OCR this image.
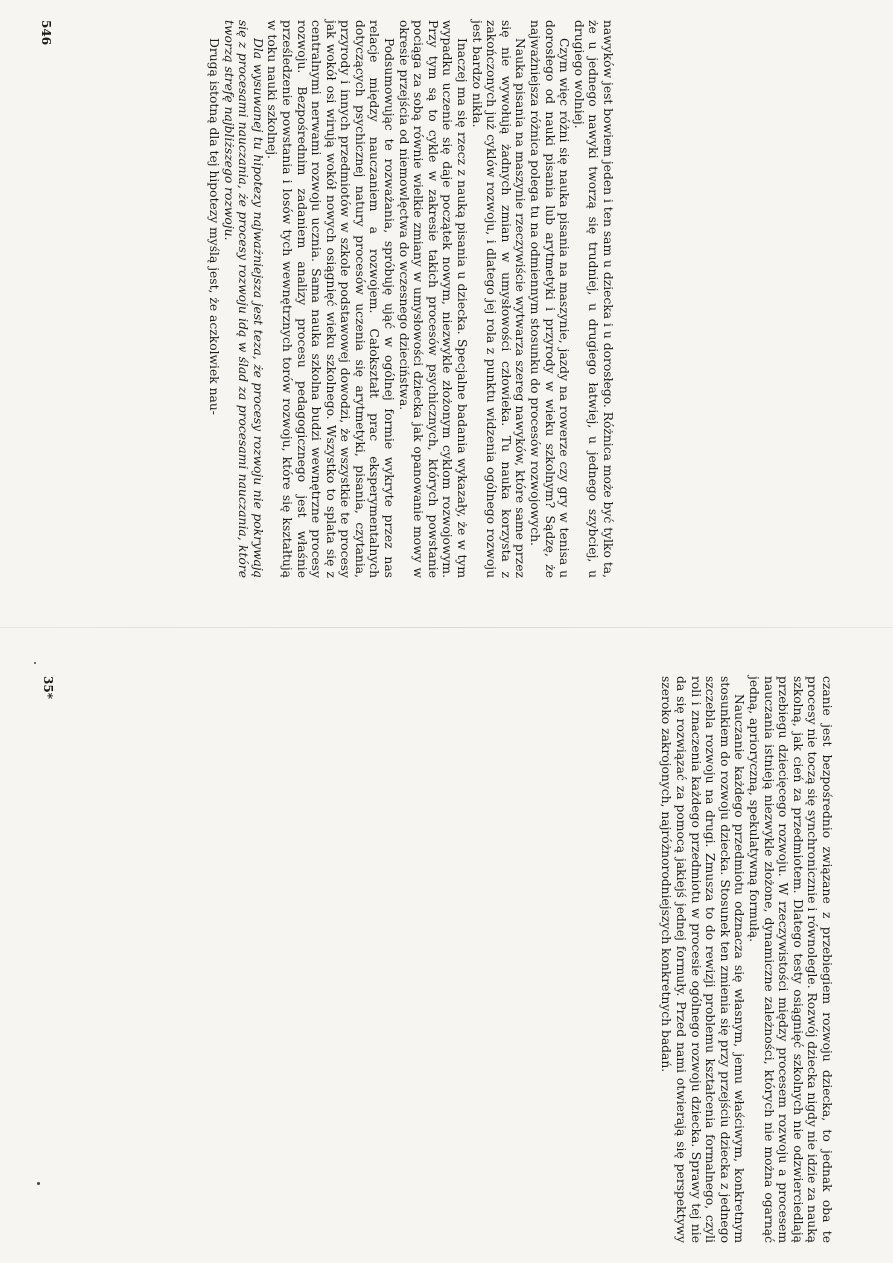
nawyków jest bowiem jeden i ten sam u dziecka i u dorosłego. Różnica może być tylko ta, że u jednego nawyki tworzą się trudniej, u drugiego łatwiej, u jednego szybciej, u drugiego wolniej.

Czym więc różni się nauka pisania na maszynie, jazdy na rowerze czy gry w tenisa u dorosłego od nauki pisania lub arytmetyki i przyrody w wieku szkolnym? Sądzę, że najważniejsza różnica polega tu na odmiennym stosunku do procesów rozwojowych.

Nauka pisania na maszynie rzeczywiście wytwarza szereg nawyków, które same przez się nie wywołują żadnych zmian w umysłowości człowieka. Tu nauka korzysta z zakończonych już cyklów rozwoju, i dlatego jej rola z punktu widzenia ogólnego rozwoju jest bardzo nikła.

Inaczej ma się rzecz z nauką pisania u dziecka. Specjalne badania wykazały, że w tym wypadku uczenie się daje początek nowym, niezwykle złożonym cyklom rozwojowym. Przy tym są to cykle w zakresie takich procesów psychicznych, których powstanie pociąga za sobą równie wielkie zmiany w umysłowości dziecka jak opanowanie mowy w okresie przejścia od niemowlęctwa do wczesnego dzieciństwa.

Podsumowując te rozważania, spróbuję ująć w ogólnej formie wykryte przez nas relacje między nauczaniem a rozwojem. Całokształt prac eksperymentalnych dotyczących psychicznej natury procesów uczenia się arytmetyki, pisania, czytania, przyrody i innych przedmiotów w szkole podstawowej dowodzi, że wszystkie te procesy jak wokół osi wirują wokół nowych osiągnięć wieku szkolnego. Wszystko to splata się z centralnymi nerwami rozwoju ucznia. Sama nauka szkolna budzi wewnętrzne procesy rozwoju. Bezpośrednim zadaniem analizy procesu pedagogicznego jest właśnie prześledzenie powstania i losów tych wewnętrznych torów rozwoju, które się kształtują w toku nauki szkolnej.

Dla wysuwanej tu hipotezy najważniejsza jest teza, że procesy rozwoju nie pokrywają się z procesami nauczania, że procesy rozwoju idą w ślad za procesami nauczania, które tworzą strefę najbliższego rozwoju.

Drugą istotną dla tej hipotezy myślą jest, że aczkolwiek nau-

546

czanie jest bezpośrednio związane z przebiegiem rozwoju dziecka, to jednak oba te procesy nie toczą się synchronicznie i równolegle. Rozwój dziecka nigdy nie idzie za nauką szkolną, jak cień za przedmiotem. Dlatego testy osiągnięć szkolnych nie odzwierciedlają przebiegu dziecięcego rozwoju. W rzeczywistości między procesem rozwoju a procesem nauczania istnieją niezwykle złożone, dynamiczne zależności, których nie można ogarnąć jedną, aprioryczną, spekulatywną formułą.

Nauczanie każdego przedmiotu odznacza się własnym, jemu właściwym, konkretnym stosunkiem do rozwoju dziecka. Stosunek ten zmienia się przy przejściu dziecka z jednego szczebla rozwoju na drugi. Zmusza to do rewizji problemu kształcenia formalnego, czyli roli i znaczenia każdego przedmiotu w procesie ogólnego rozwoju dziecka. Sprawy tej nie da się rozwiązać za pomocą jakiejś jednej formuły. Przed nami otwierają się perspektywy szeroko zakrojonych, najróżnorodniejszych konkretnych badań.

35*
